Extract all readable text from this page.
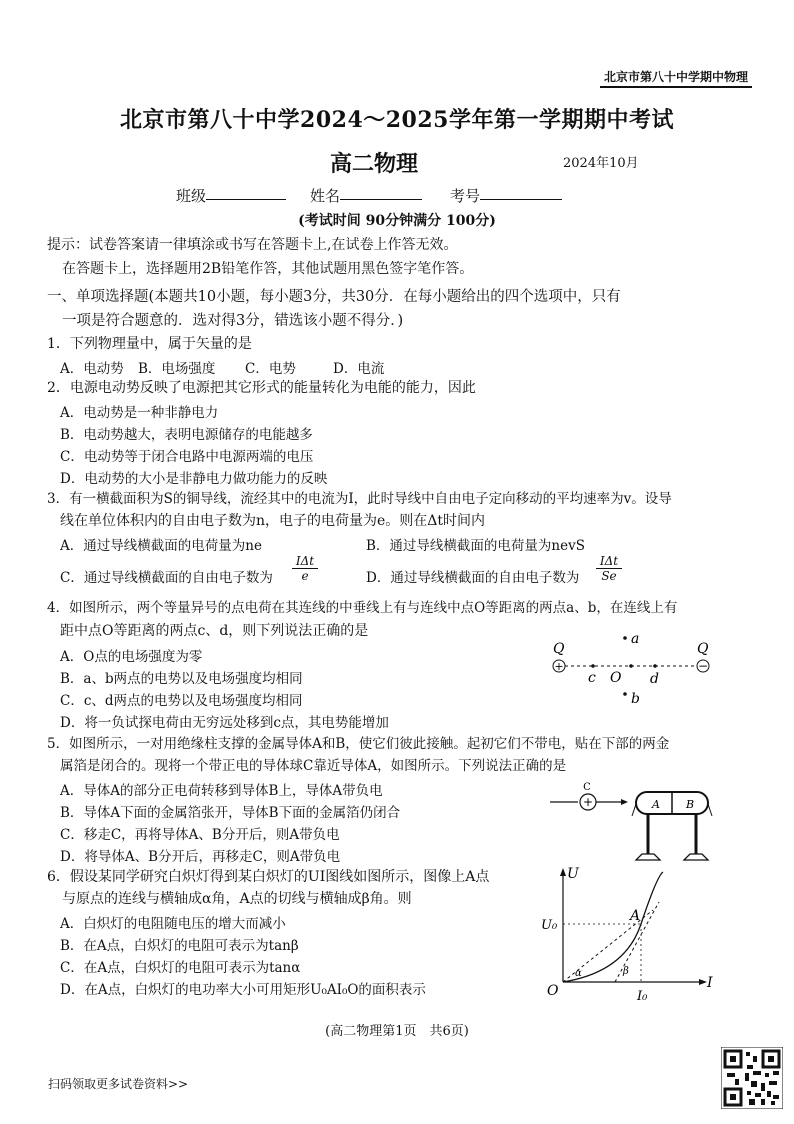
北京市第八十中学期中物理
北京市第八十中学2024～2025学年第一学期期中考试
高二物理	2024年10月
班级	姓名	考号
(考试时间 90分钟满分 100分)
提示：试卷答案请一律填涂或书写在答题卡上,在试卷上作答无效。
在答题卡上，选择题用2B铅笔作答，其他试题用黑色签字笔作答。
一、单项选择题(本题共10小题，每小题3分，共30分．在每小题给出的四个选项中，只有
一项是符合题意的．选对得3分，错选该小题不得分．)
1．下列物理量中，属于矢量的是
A．电动势 B．电场强度 C．电势	D．电流
2．电源电动势反映了电源把其它形式的能量转化为电能的能力，因此
A．电动势是一种非静电力
B．电动势越大，表明电源储存的电能越多
C．电动势等于闭合电路中电源两端的电压
D．电动势的大小是非静电力做功能力的反映
3．有一横截面积为S的铜导线，流经其中的电流为I，此时导线中自由电子定向移动的平均速率为v。设导
线在单位体积内的自由电子数为n，电子的电荷量为e。则在Δt时间内
A．通过导线横截面的电荷量为ne	B．通过导线横截面的电荷量为nevS
C．通过导线横截面的自由电子数为
IΔt
e	D．通过导线横截面的自由电子数为
IΔt
Se
4．如图所示，两个等量异号的点电荷在其连线的中垂线上有与连线中点O等距离的两点a、b，在连线上有
距中点O等距离的两点c、d，则下列说法正确的是
A．O点的电场强度为零
B．a、b两点的电势以及电场强度均相同
C．c、d两点的电势以及电场强度均相同
D．将一负试探电荷由无穷远处移到c点，其电势能增加
+	−
Q	Q
a
b
c O d
5．如图所示，一对用绝缘柱支撑的金属导体A和B，使它们彼此接触。起初它们不带电，贴在下部的两金
属箔是闭合的。现将一个带正电的导体球C靠近导体A，如图所示。下列说法正确的是
A．导体A的部分正电荷转移到导体B上，导体A带负电
B．导体A下面的金属箔张开，导体B下面的金属箔仍闭合
C．移走C，再将导体A、B分开后，则A带负电
D．将导体A、B分开后，再移走C，则A带负电
+
C
A B
6．假设某同学研究白炽灯得到某白炽灯的UI图线如图所示，图像上A点
与原点的连线与横轴成α角，A点的切线与横轴成β角。则
A．白炽灯的电阻随电压的增大而减小
B．在A点，白炽灯的电阻可表示为tanβ
C．在A点，白炽灯的电阻可表示为tanα
D．在A点，白炽灯的电功率大小可用矩形U₀AI₀O的面积表示
U
I
O
U₀
I₀
A
α	β
(高二物理第1页　共6页)
扫码领取更多试卷资料>>
